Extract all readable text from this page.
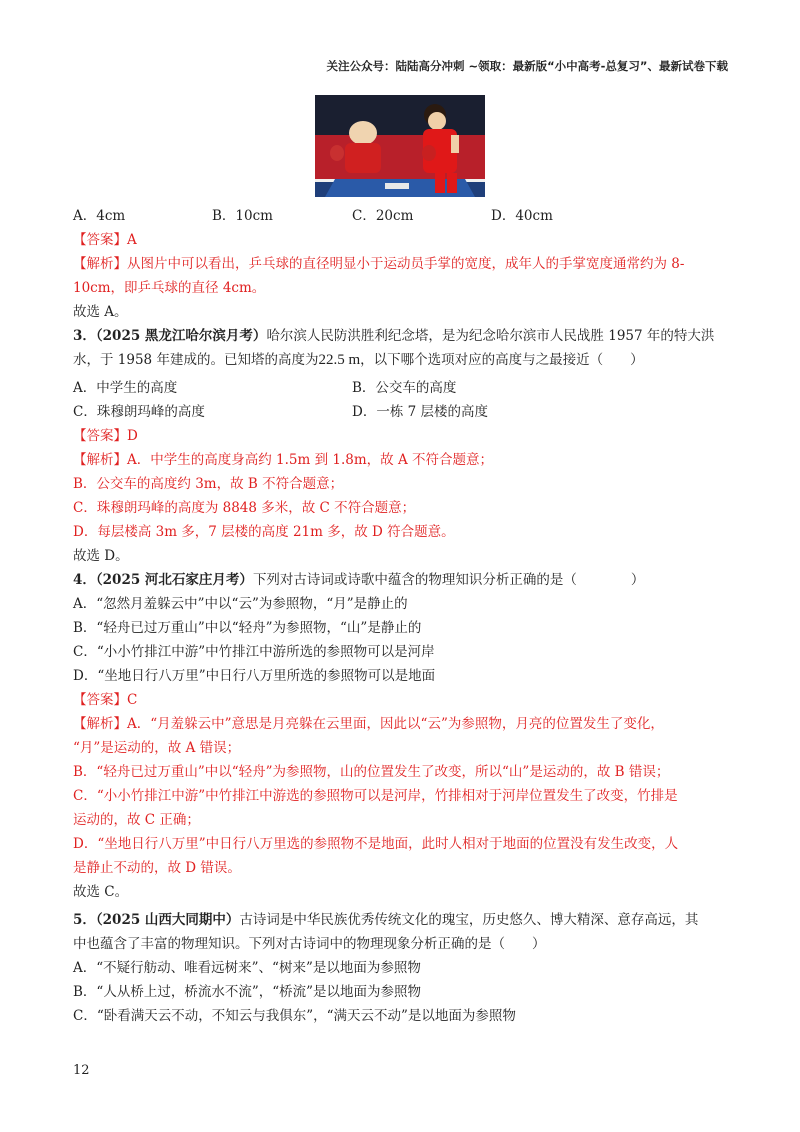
关注公众号：陆陆高分冲刺 ~领取：最新版“小中高考-总复习”、最新试卷下载
A．4cm	B．10cm	C．20cm	D．40cm
【答案】A
【解析】从图片中可以看出，乒乓球的直径明显小于运动员手掌的宽度，成年人的手掌宽度通常约为 8-
10cm，即乒乓球的直径 4cm。
故选 A。
3．（2025 黑龙江哈尔滨月考）哈尔滨人民防洪胜利纪念塔，是为纪念哈尔滨市人民战胜 1957 年的特大洪
水，于 1958 年建成的。已知塔的高度为22.5 m，以下哪个选项对应的高度与之最接近（　　）
A．中学生的高度	B．公交车的高度
C．珠穆朗玛峰的高度	D．一栋 7 层楼的高度
【答案】D
【解析】A．中学生的高度身高约 1.5m 到 1.8m，故 A 不符合题意；
B．公交车的高度约 3m，故 B 不符合题意；
C．珠穆朗玛峰的高度为 8848 多米，故 C 不符合题意；
D．每层楼高 3m 多，7 层楼的高度 21m 多，故 D 符合题意。
故选 D。
4．（2025 河北石家庄月考）下列对古诗词或诗歌中蕴含的物理知识分析正确的是（　　　　）
A．“忽然月羞躲云中”中以“云”为参照物，“月”是静止的
B．“轻舟已过万重山”中以“轻舟”为参照物，“山”是静止的
C．“小小竹排江中游”中竹排江中游所选的参照物可以是河岸
D．“坐地日行八万里”中日行八万里所选的参照物可以是地面
【答案】C
【解析】A．“月羞躲云中”意思是月亮躲在云里面，因此以“云”为参照物，月亮的位置发生了变化，
“月”是运动的，故 A 错误；
B．“轻舟已过万重山”中以“轻舟”为参照物，山的位置发生了改变，所以“山”是运动的，故 B 错误；
C．“小小竹排江中游”中竹排江中游选的参照物可以是河岸，竹排相对于河岸位置发生了改变，竹排是
运动的，故 C 正确；
D．“坐地日行八万里”中日行八万里选的参照物不是地面，此时人相对于地面的位置没有发生改变，人
是静止不动的，故 D 错误。
故选 C。
5．（2025 山西大同期中）古诗词是中华民族优秀传统文化的瑰宝，历史悠久、博大精深、意存高远，其
中也蕴含了丰富的物理知识。下列对古诗词中的物理现象分析正确的是（　　）
A．“不疑行舫动、唯看远树来”、“树来”是以地面为参照物
B．“人从桥上过，桥流水不流”，“桥流”是以地面为参照物
C．“卧看满天云不动，不知云与我俱东”，“满天云不动”是以地面为参照物
12
